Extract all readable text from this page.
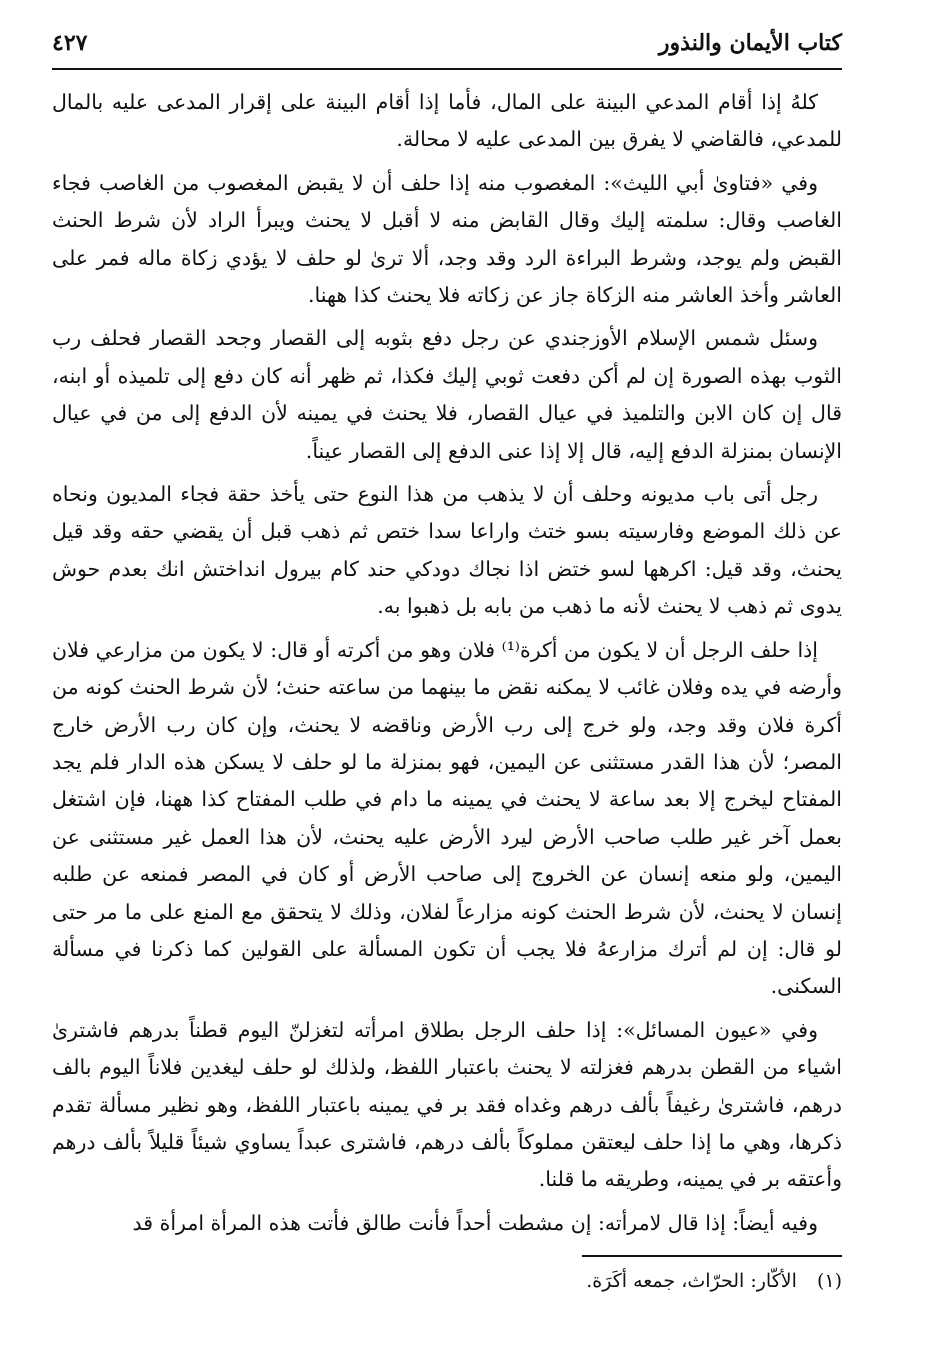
كتاب الأيمان والنذور
٤٢٧

كلهُ إذا أقام المدعي البينة على المال، فأما إذا أقام البينة على إقرار المدعى عليه بالمال للمدعي، فالقاضي لا يفرق بين المدعى عليه لا محالة.

وفي «فتاوىٰ أبي الليث»: المغصوب منه إذا حلف أن لا يقبض المغصوب من الغاصب فجاء الغاصب وقال: سلمته إليك وقال القابض منه لا أقبل لا يحنث ويبرأ الراد لأن شرط الحنث القبض ولم يوجد، وشرط البراءة الرد وقد وجد، ألا ترىٰ لو حلف لا يؤدي زكاة ماله فمر على العاشر وأخذ العاشر منه الزكاة جاز عن زكاته فلا يحنث كذا ههنا.

وسئل شمس الإسلام الأوزجندي عن رجل دفع بثوبه إلى القصار وجحد القصار فحلف رب الثوب بهذه الصورة إن لم أكن دفعت ثوبي إليك فكذا، ثم ظهر أنه كان دفع إلى تلميذه أو ابنه، قال إن كان الابن والتلميذ في عيال القصار، فلا يحنث في يمينه لأن الدفع إلى من في عيال الإنسان بمنزلة الدفع إليه، قال إلا إذا عنى الدفع إلى القصار عيناً.

رجل أتى باب مديونه وحلف أن لا يذهب من هذا النوع حتى يأخذ حقة فجاء المديون ونحاه عن ذلك الموضع وفارسيته بسو ختث واراعا سدا ختص ثم ذهب قبل أن يقضي حقه وقد قيل يحنث، وقد قيل: اكرهها لسو ختض اذا نجاك دودكي حند كام بيرول انداختش انك بعدم حوش يدوى ثم ذهب لا يحنث لأنه ما ذهب من بابه بل ذهبوا به.

إذا حلف الرجل أن لا يكون من أكرة⁽¹⁾ فلان وهو من أكرته أو قال: لا يكون من مزارعي فلان وأرضه في يده وفلان غائب لا يمكنه نقض ما بينهما من ساعته حنث؛ لأن شرط الحنث كونه من أكرة فلان وقد وجد، ولو خرج إلى رب الأرض وناقضه لا يحنث، وإن كان رب الأرض خارج المصر؛ لأن هذا القدر مستثنى عن اليمين، فهو بمنزلة ما لو حلف لا يسكن هذه الدار فلم يجد المفتاح ليخرج إلا بعد ساعة لا يحنث في يمينه ما دام في طلب المفتاح كذا ههنا، فإن اشتغل بعمل آخر غير طلب صاحب الأرض ليرد الأرض عليه يحنث، لأن هذا العمل غير مستثنى عن اليمين، ولو منعه إنسان عن الخروج إلى صاحب الأرض أو كان في المصر فمنعه عن طلبه إنسان لا يحنث، لأن شرط الحنث كونه مزارعاً لفلان، وذلك لا يتحقق مع المنع على ما مر حتى لو قال: إن لم أترك مزارعهُ فلا يجب أن تكون المسألة على القولين كما ذكرنا في مسألة السكنى.

وفي «عيون المسائل»: إذا حلف الرجل بطلاق امرأته لتغزلنّ اليوم قطناً بدرهم فاشترىٰ اشياء من القطن بدرهم فغزلته لا يحنث باعتبار اللفظ، ولذلك لو حلف ليغدين فلاناً اليوم بالف درهم، فاشترىٰ رغيفاً بألف درهم وغداه فقد بر في يمينه باعتبار اللفظ، وهو نظير مسألة تقدم ذكرها، وهي ما إذا حلف ليعتقن مملوكاً بألف درهم، فاشترى عبداً يساوي شيئاً قليلاً بألف درهم وأعتقه بر في يمينه، وطريقه ما قلنا.

وفيه أيضاً: إذا قال لامرأته: إن مشطت أحداً فأنت طالق فأتت هذه المرأة امرأة قد

(١) الأكّار: الحرّاث، جمعه أكَرَة.
